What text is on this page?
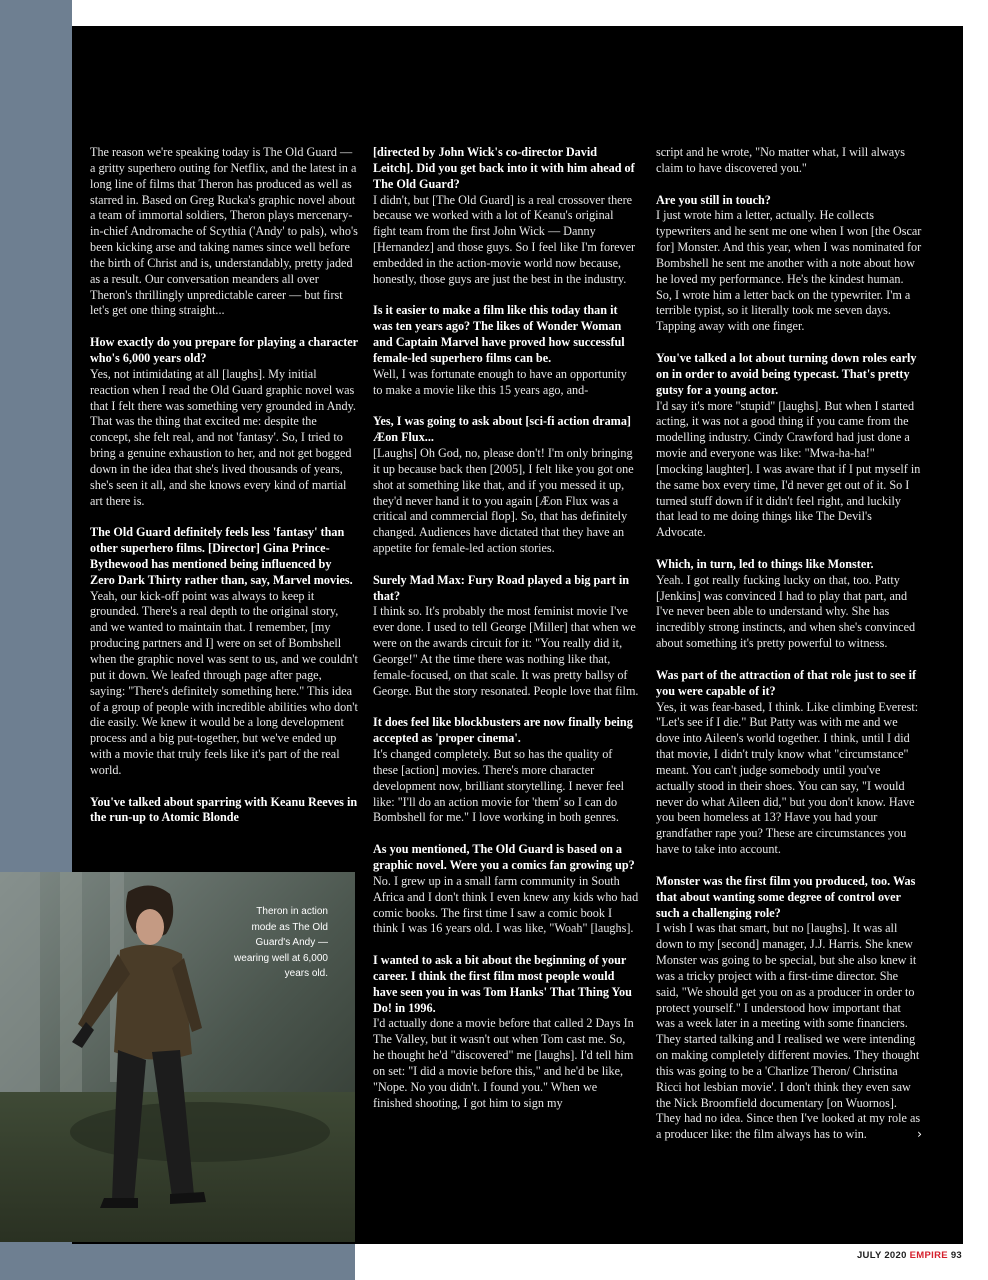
The reason we're speaking today is The Old Guard — a gritty superhero outing for Netflix, and the latest in a long line of films that Theron has produced as well as starred in. Based on Greg Rucka's graphic novel about a team of immortal soldiers, Theron plays mercenary-in-chief Andromache of Scythia ('Andy' to pals), who's been kicking arse and taking names since well before the birth of Christ and is, understandably, pretty jaded as a result. Our conversation meanders all over Theron's thrillingly unpredictable career — but first let's get one thing straight...

How exactly do you prepare for playing a character who's 6,000 years old?
Yes, not intimidating at all [laughs]. My initial reaction when I read the Old Guard graphic novel was that I felt there was something very grounded in Andy. That was the thing that excited me: despite the concept, she felt real, and not 'fantasy'. So, I tried to bring a genuine exhaustion to her, and not get bogged down in the idea that she's lived thousands of years, she's seen it all, and she knows every kind of martial art there is.

The Old Guard definitely feels less 'fantasy' than other superhero films. [Director] Gina Prince-Bythewood has mentioned being influenced by Zero Dark Thirty rather than, say, Marvel movies.
Yeah, our kick-off point was always to keep it grounded. There's a real depth to the original story, and we wanted to maintain that. I remember, [my producing partners and I] were on set of Bombshell when the graphic novel was sent to us, and we couldn't put it down. We leafed through page after page, saying: "There's definitely something here." This idea of a group of people with incredible abilities who don't die easily. We knew it would be a long development process and a big put-together, but we've ended up with a movie that truly feels like it's part of the real world.

You've talked about sparring with Keanu Reeves in the run-up to Atomic Blonde

[directed by John Wick's co-director David Leitch]. Did you get back into it with him ahead of The Old Guard?
I didn't, but [The Old Guard] is a real crossover there because we worked with a lot of Keanu's original fight team from the first John Wick — Danny [Hernandez] and those guys. So I feel like I'm forever embedded in the action-movie world now because, honestly, those guys are just the best in the industry.

Is it easier to make a film like this today than it was ten years ago? The likes of Wonder Woman and Captain Marvel have proved how successful female-led superhero films can be.
Well, I was fortunate enough to have an opportunity to make a movie like this 15 years ago, and-

Yes, I was going to ask about [sci-fi action drama] Æon Flux...
[Laughs] Oh God, no, please don't! I'm only bringing it up because back then [2005], I felt like you got one shot at something like that, and if you messed it up, they'd never hand it to you again [Æon Flux was a critical and commercial flop]. So, that has definitely changed. Audiences have dictated that they have an appetite for female-led action stories.

Surely Mad Max: Fury Road played a big part in that?
I think so. It's probably the most feminist movie I've ever done. I used to tell George [Miller] that when we were on the awards circuit for it: "You really did it, George!" At the time there was nothing like that, female-focused, on that scale. It was pretty ballsy of George. But the story resonated. People love that film.

It does feel like blockbusters are now finally being accepted as 'proper cinema'.
It's changed completely. But so has the quality of these [action] movies. There's more character development now, brilliant storytelling. I never feel like: "I'll do an action movie for 'them' so I can do Bombshell for me." I love working in both genres.

As you mentioned, The Old Guard is based on a graphic novel. Were you a comics fan growing up?
No. I grew up in a small farm community in South Africa and I don't think I even knew any kids who had comic books. The first time I saw a comic book I think I was 16 years old. I was like, "Woah" [laughs].

I wanted to ask a bit about the beginning of your career. I think the first film most people would have seen you in was Tom Hanks' That Thing You Do! in 1996.
I'd actually done a movie before that called 2 Days In The Valley, but it wasn't out when Tom cast me. So, he thought he'd "discovered" me [laughs]. I'd tell him on set: "I did a movie before this," and he'd be like, "Nope. No you didn't. I found you." When we finished shooting, I got him to sign my

script and he wrote, "No matter what, I will always claim to have discovered you."

Are you still in touch?
I just wrote him a letter, actually. He collects typewriters and he sent me one when I won [the Oscar for] Monster. And this year, when I was nominated for Bombshell he sent me another with a note about how he loved my performance. He's the kindest human. So, I wrote him a letter back on the typewriter. I'm a terrible typist, so it literally took me seven days. Tapping away with one finger.

You've talked a lot about turning down roles early on in order to avoid being typecast. That's pretty gutsy for a young actor.
I'd say it's more "stupid" [laughs]. But when I started acting, it was not a good thing if you came from the modelling industry. Cindy Crawford had just done a movie and everyone was like: "Mwa-ha-ha!" [mocking laughter]. I was aware that if I put myself in the same box every time, I'd never get out of it. So I turned stuff down if it didn't feel right, and luckily that lead to me doing things like The Devil's Advocate.

Which, in turn, led to things like Monster.
Yeah. I got really fucking lucky on that, too. Patty [Jenkins] was convinced I had to play that part, and I've never been able to understand why. She has incredibly strong instincts, and when she's convinced about something it's pretty powerful to witness.

Was part of the attraction of that role just to see if you were capable of it?
Yes, it was fear-based, I think. Like climbing Everest: "Let's see if I die." But Patty was with me and we dove into Aileen's world together. I think, until I did that movie, I didn't truly know what "circumstance" meant. You can't judge somebody until you've actually stood in their shoes. You can say, "I would never do what Aileen did," but you don't know. Have you been homeless at 13? Have you had your grandfather rape you? These are circumstances you have to take into account.

Monster was the first film you produced, too. Was that about wanting some degree of control over such a challenging role?
I wish I was that smart, but no [laughs]. It was all down to my [second] manager, J.J. Harris. She knew Monster was going to be special, but she also knew it was a tricky project with a first-time director. She said, "We should get you on as a producer in order to protect yourself." I understood how important that was a week later in a meeting with some financiers. They started talking and I realised we were intending on making completely different movies. They thought this was going to be a 'Charlize Theron/ Christina Ricci hot lesbian movie'. I don't think they even saw the Nick Broomfield documentary [on Wuornos]. They had no idea. Since then I've looked at my role as a producer like: the film always has to win.	›

Theron in action mode as The Old Guard's Andy — wearing well at 6,000 years old.
JULY 2020 EMPIRE 93
